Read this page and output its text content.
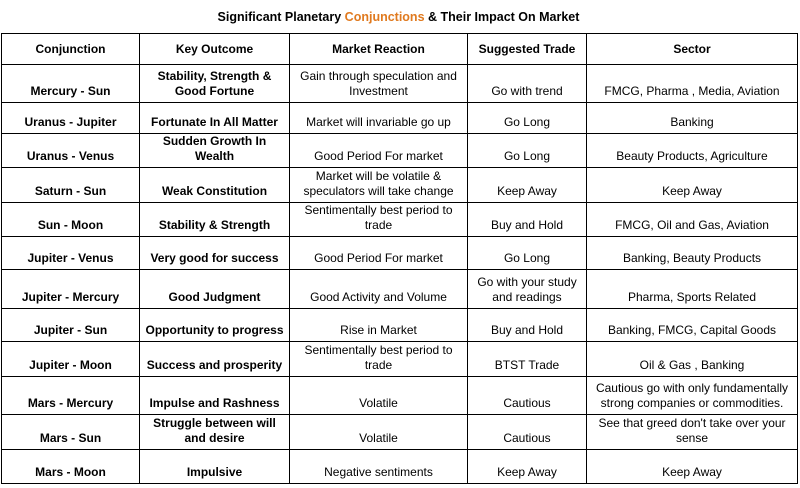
Significant Planetary Conjunctions & Their Impact On Market
Conjunction	Key Outcome	Market Reaction	Suggested Trade	Sector
Mercury - Sun	Stability, Strength & Good Fortune	Gain through speculation and Investment	Go with trend	FMCG, Pharma , Media, Aviation
Uranus - Jupiter	Fortunate In All Matter	Market will invariable go up	Go Long	Banking
Uranus - Venus	Sudden Growth In Wealth	Good Period For market	Go Long	Beauty Products, Agriculture
Saturn - Sun	Weak Constitution	Market will be volatile & speculators will take change	Keep Away	Keep Away
Sun - Moon	Stability & Strength	Sentimentally best period to trade	Buy and Hold	FMCG, Oil and Gas, Aviation
Jupiter - Venus	Very good for success	Good Period For market	Go Long	Banking, Beauty Products
Jupiter - Mercury	Good Judgment	Good Activity and Volume	Go with your study and readings	Pharma, Sports Related
Jupiter - Sun	Opportunity to progress	Rise in Market	Buy and Hold	Banking, FMCG, Capital Goods
Jupiter - Moon	Success and prosperity	Sentimentally best period to trade	BTST Trade	Oil & Gas , Banking
Mars - Mercury	Impulse and Rashness	Volatile	Cautious	Cautious go with only fundamentally strong companies or commodities.
Mars - Sun	Struggle between will and desire	Volatile	Cautious	See that greed don't take over your sense
Mars - Moon	Impulsive	Negative sentiments	Keep Away	Keep Away
